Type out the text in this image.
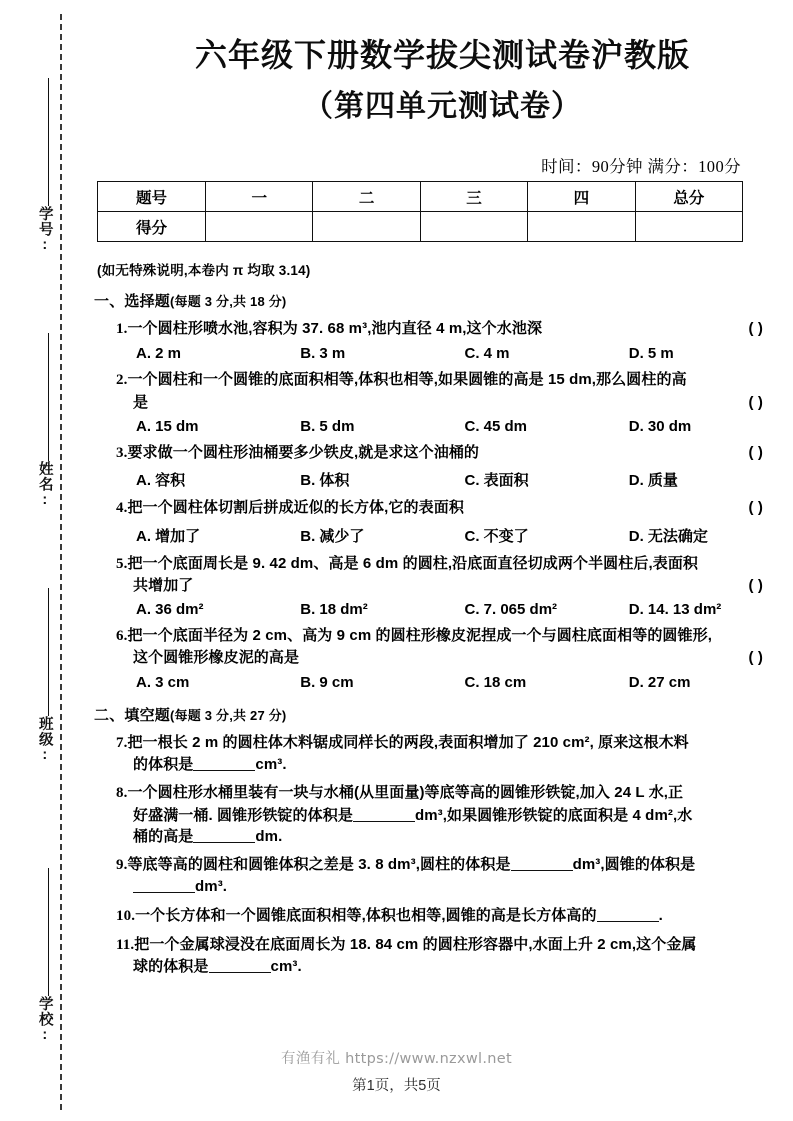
学号:
姓名:
班级:
学校:
六年级下册数学拔尖测试卷沪教版
（第四单元测试卷）
时间：90分钟 满分：100分
题号	一	二	三	四	总分
得分					
(如无特殊说明,本卷内 π 均取 3.14)
一、选择题(每题 3 分,共 18 分)
1.一个圆柱形喷水池,容积为 37. 68 m³,池内直径 4 m,这个水池深	( )
A. 2 m	B. 3 m	C. 4 m	D. 5 m
2.一个圆柱和一个圆锥的底面积相等,体积也相等,如果圆锥的高是 15 dm,那么圆柱的高
是	( )
A. 15 dm	B. 5 dm	C. 45 dm	D. 30 dm
3.要求做一个圆柱形油桶要多少铁皮,就是求这个油桶的	( )
A. 容积	B. 体积	C. 表面积	D. 质量
4.把一个圆柱体切割后拼成近似的长方体,它的表面积	( )
A. 增加了	B. 减少了	C. 不变了	D. 无法确定
5.把一个底面周长是 9. 42 dm、高是 6 dm 的圆柱,沿底面直径切成两个半圆柱后,表面积
共增加了	( )
A. 36 dm²	B. 18 dm²	C. 7. 065 dm²	D. 14. 13 dm²
6.把一个底面半径为 2 cm、高为 9 cm 的圆柱形橡皮泥捏成一个与圆柱底面相等的圆锥形,
这个圆锥形橡皮泥的高是	( )
A. 3 cm	B. 9 cm	C. 18 cm	D. 27 cm
二、填空题(每题 3 分,共 27 分)
7.把一根长 2 m 的圆柱体木料锯成同样长的两段,表面积增加了 210 cm², 原来这根木料
的体积是	cm³.
8.一个圆柱形水桶里装有一块与水桶(从里面量)等底等高的圆锥形铁锭,加入 24 L 水,正
好盛满一桶. 圆锥形铁锭的体积是	dm³,如果圆锥形铁锭的底面积是 4 dm²,水
桶的高是	dm.
9.等底等高的圆柱和圆锥体积之差是 3. 8 dm³,圆柱的体积是	dm³,圆锥的体积是
dm³.
10.一个长方体和一个圆锥底面积相等,体积也相等,圆锥的高是长方体高的	.
11.把一个金属球浸没在底面周长为 18. 84 cm 的圆柱形容器中,水面上升 2 cm,这个金属
球的体积是	cm³.
有渔有礼 https://www.nzxwl.net
第1页，共5页
